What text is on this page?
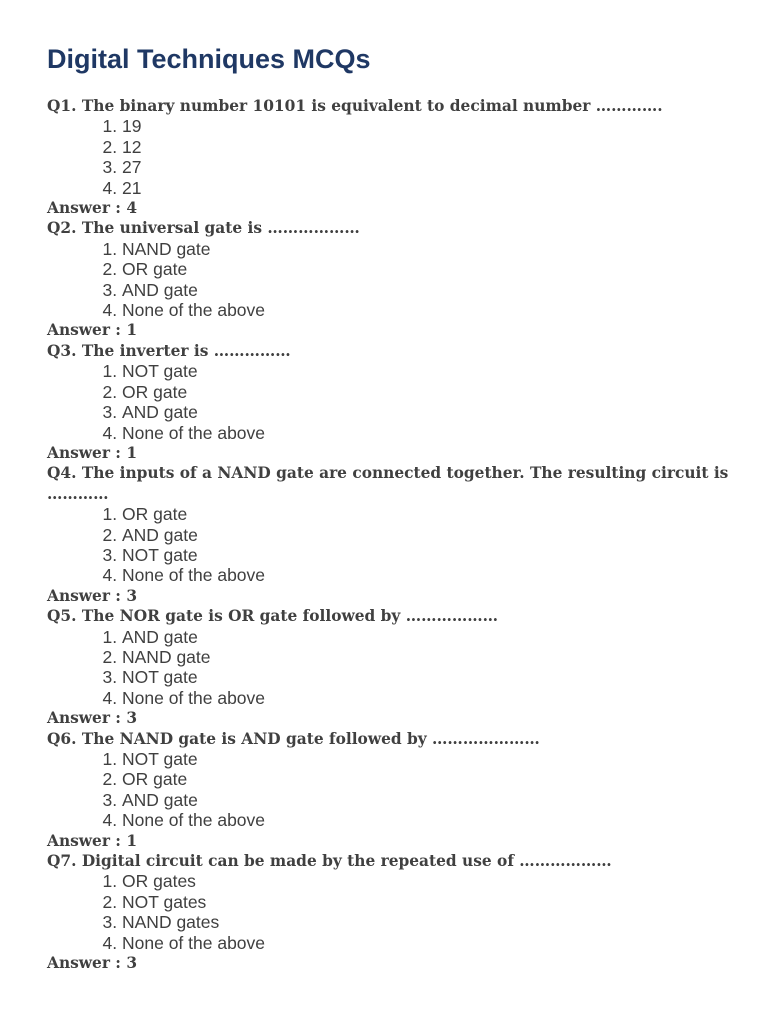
Digital Techniques MCQs

Q1. The binary number 10101 is equivalent to decimal number ………….

1. 19
2. 12
3. 27
4. 21

Answer : 4

Q2. The universal gate is ………………

1. NAND gate
2. OR gate
3. AND gate
4. None of the above

Answer : 1

Q3. The inverter is ……………

1. NOT gate
2. OR gate
3. AND gate
4. None of the above

Answer : 1

Q4. The inputs of a NAND gate are connected together. The resulting circuit is …………

1. OR gate
2. AND gate
3. NOT gate
4. None of the above

Answer : 3

Q5. The NOR gate is OR gate followed by ………………

1. AND gate
2. NAND gate
3. NOT gate
4. None of the above

Answer : 3

Q6. The NAND gate is AND gate followed by …………………

1. NOT gate
2. OR gate
3. AND gate
4. None of the above

Answer : 1

Q7. Digital circuit can be made by the repeated use of ………………

1. OR gates
2. NOT gates
3. NAND gates
4. None of the above

Answer : 3
